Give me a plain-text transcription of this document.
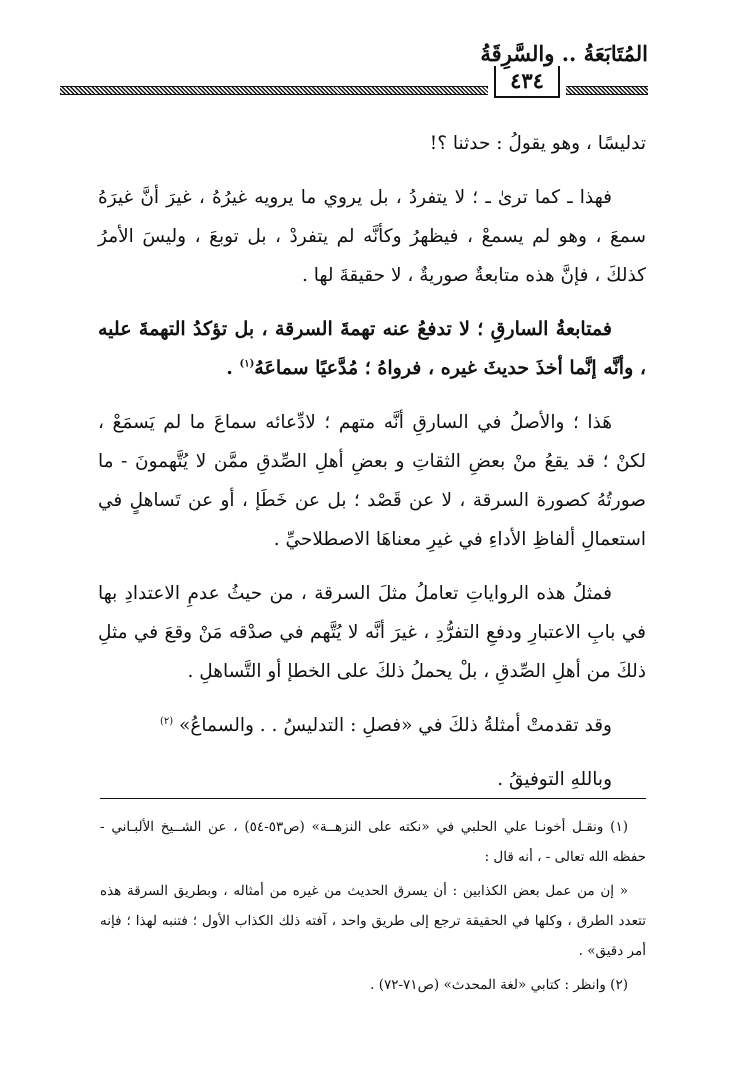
المُتَابَعَةُ .. والسَّرِقَةُ
٤٣٤

تدليسًا ، وهو يقولُ : حدثنا ؟!

فهذا ـ كما ترىٰ ـ ؛ لا يتفردُ ، بل يروي ما يرويه غيرُهُ ، غيرَ أنَّ غيرَهُ سمعَ ، وهو لم يسمعْ ، فيظهرُ وكأنَّه لم يتفردْ ، بل توبعَ ، وليسَ الأمرُ كذلكَ ، فإنَّ هذه متابعةٌ صوريةٌ ، لا حقيقةَ لها .

فمتابعةُ السارقِ ؛ لا تدفعُ عنه تهمةَ السرقة ، بل تؤكدُ التهمةَ عليه ، وأنَّه إنَّما أخذَ حديثَ غيره ، فرواهُ ؛ مُدَّعيًا سماعَهُ$^{(١)}$ .

هَذا ؛ والأصلُ في السارقِ أنَّه متهم ؛ لادِّعائه سماعَ ما لم يَسمَعْ ، لكنْ ؛ قد يقعُ منْ بعضِ الثقاتِ و بعضِ أهلِ الصِّدقِ ممَّن لا يُتَّهمونَ - ما صورتُهُ كصورة السرقة ، لا عن قَصْد ؛ بل عن خَطَإ ، أو عن تَساهلٍ في استعمالِ ألفاظِ الأداءِ في غيرِ معناهَا الاصطلاحيِّ .

فمثلُ هذه الرواياتِ تعاملُ مثلَ السرقة ، من حيثُ عدمِ الاعتدادِ بها في بابِ الاعتبارِ ودفعِ التفرُّدِ ، غيرَ أنَّه لا يُتَّهم في صدْقه مَنْ وقعَ في مثلِ ذلكَ من أهلِ الصِّدقِ ، بلْ يحملُ ذلكَ على الخطإ أو التَّساهلِ .

وقد تقدمتْ أمثلةُ ذلكَ في «فصلِ : التدليسُ . . والسماعُ» $^{(٢)}$

وباللهِ التوفيقُ .

(١) ونقـل أخونـا علي الحلبي في «نكته على النزهــة» (ص٥٣-٥٤) ، عن الشــيخ الألبـاني - حفظه الله تعالى - ، أنه قال :

« إن من عمل بعض الكذابين : أن يسرق الحديث من غيره من أمثاله ، وبطريق السرقة هذه تتعدد الطرق ، وكلها في الحقيقة ترجع إلى طريق واحد ، آفته ذلك الكذاب الأول ؛ فتنبه لهذا ؛ فإنه أمر دقيق» .

(٢) وانظر : كتابي «لغة المحدث» (ص٧١-٧٢) .
